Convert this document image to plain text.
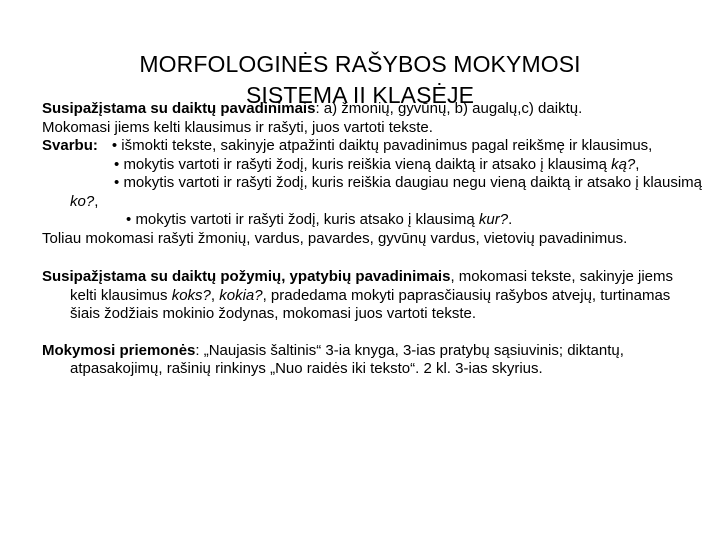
MORFOLOGINĖS RAŠYBOS MOKYMOSI
SISTEMA II KLASĖJE

Susipažįstama su daiktų pavadinimais: a) žmonių, gyvūnų, b) augalų,c) daiktų.

Mokomasi jiems kelti klausimus ir rašyti, juos vartoti tekste.

Svarbu: • išmokti tekste, sakinyje atpažinti daiktų pavadinimus pagal reikšmę ir klausimus,

• mokytis vartoti ir rašyti žodį, kuris reiškia vieną daiktą ir atsako į klausimą ką?,

• mokytis vartoti ir rašyti žodį, kuris reiškia daugiau negu vieną daiktą ir atsako į klausimą ko?,

• mokytis vartoti ir rašyti žodį, kuris atsako į klausimą kur?.

Toliau mokomasi rašyti žmonių, vardus, pavardes, gyvūnų vardus, vietovių pavadinimus.

Susipažįstama su daiktų požymių, ypatybių pavadinimais, mokomasi tekste, sakinyje jiems kelti klausimus koks?, kokia?, pradedama mokyti paprasčiausių rašybos atvejų, turtinamas šiais žodžiais mokinio žodynas, mokomasi juos vartoti tekste.

Mokymosi priemonės: „Naujasis šaltinis“ 3-ia knyga, 3-ias pratybų sąsiuvinis; diktantų, atpasakojimų, rašinių rinkinys „Nuo raidės iki teksto“. 2 kl. 3-ias skyrius.
